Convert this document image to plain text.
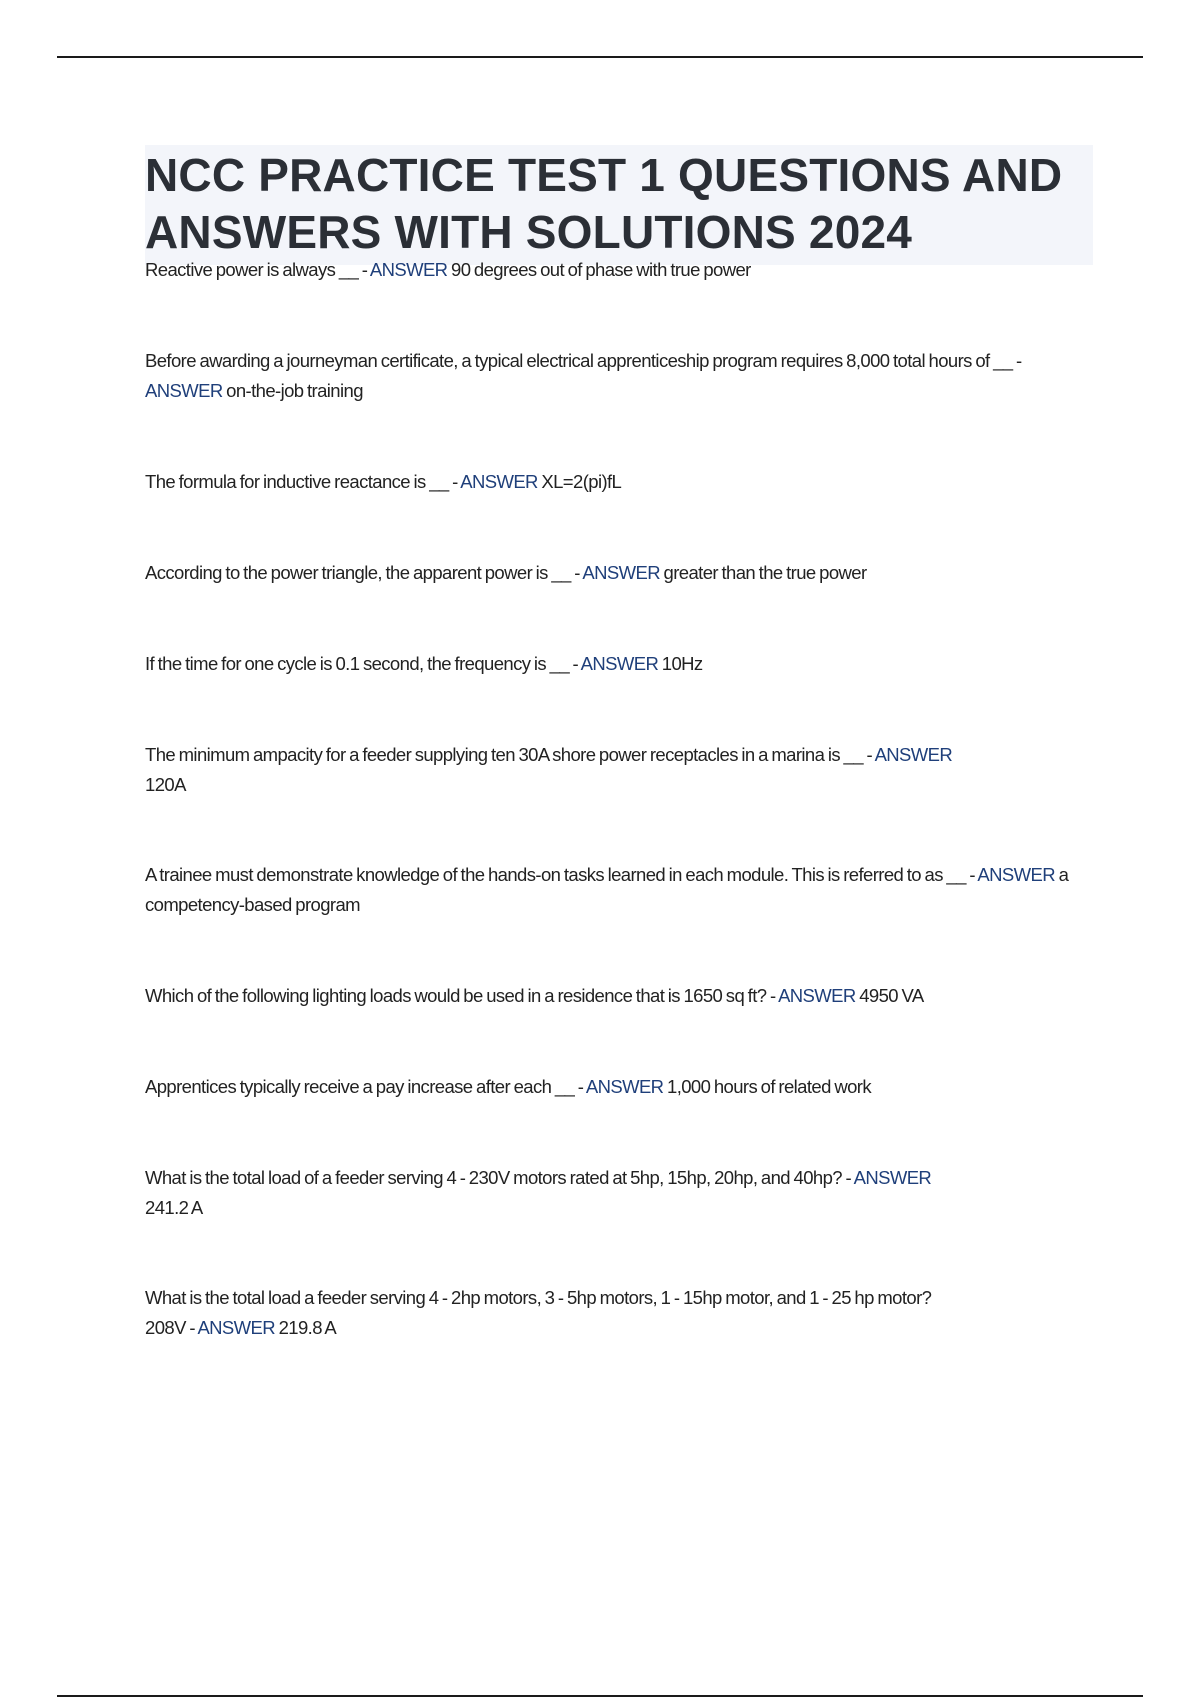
NCC PRACTICE TEST 1 QUESTIONS AND ANSWERS WITH SOLUTIONS 2024
Reactive power is always __ - ANSWER 90 degrees out of phase with true power
Before awarding a journeyman certificate, a typical electrical apprenticeship program requires 8,000 total hours of __ - ANSWER on-the-job training
The formula for inductive reactance is __ - ANSWER XL=2(pi)fL
According to the power triangle, the apparent power is __ - ANSWER greater than the true power
If the time for one cycle is 0.1 second, the frequency is __ - ANSWER 10Hz
The minimum ampacity for a feeder supplying ten 30A shore power receptacles in a marina is __ - ANSWER 120A
A trainee must demonstrate knowledge of the hands-on tasks learned in each module. This is referred to as __ - ANSWER a competency-based program
Which of the following lighting loads would be used in a residence that is 1650 sq ft? - ANSWER 4950 VA
Apprentices typically receive a pay increase after each __ - ANSWER 1,000 hours of related work
What is the total load of a feeder serving 4 - 230V motors rated at 5hp, 15hp, 20hp, and 40hp? - ANSWER 241.2 A
What is the total load a feeder serving 4 - 2hp motors, 3 - 5hp motors, 1 - 15hp motor, and 1 - 25 hp motor? 208V - ANSWER 219.8 A
